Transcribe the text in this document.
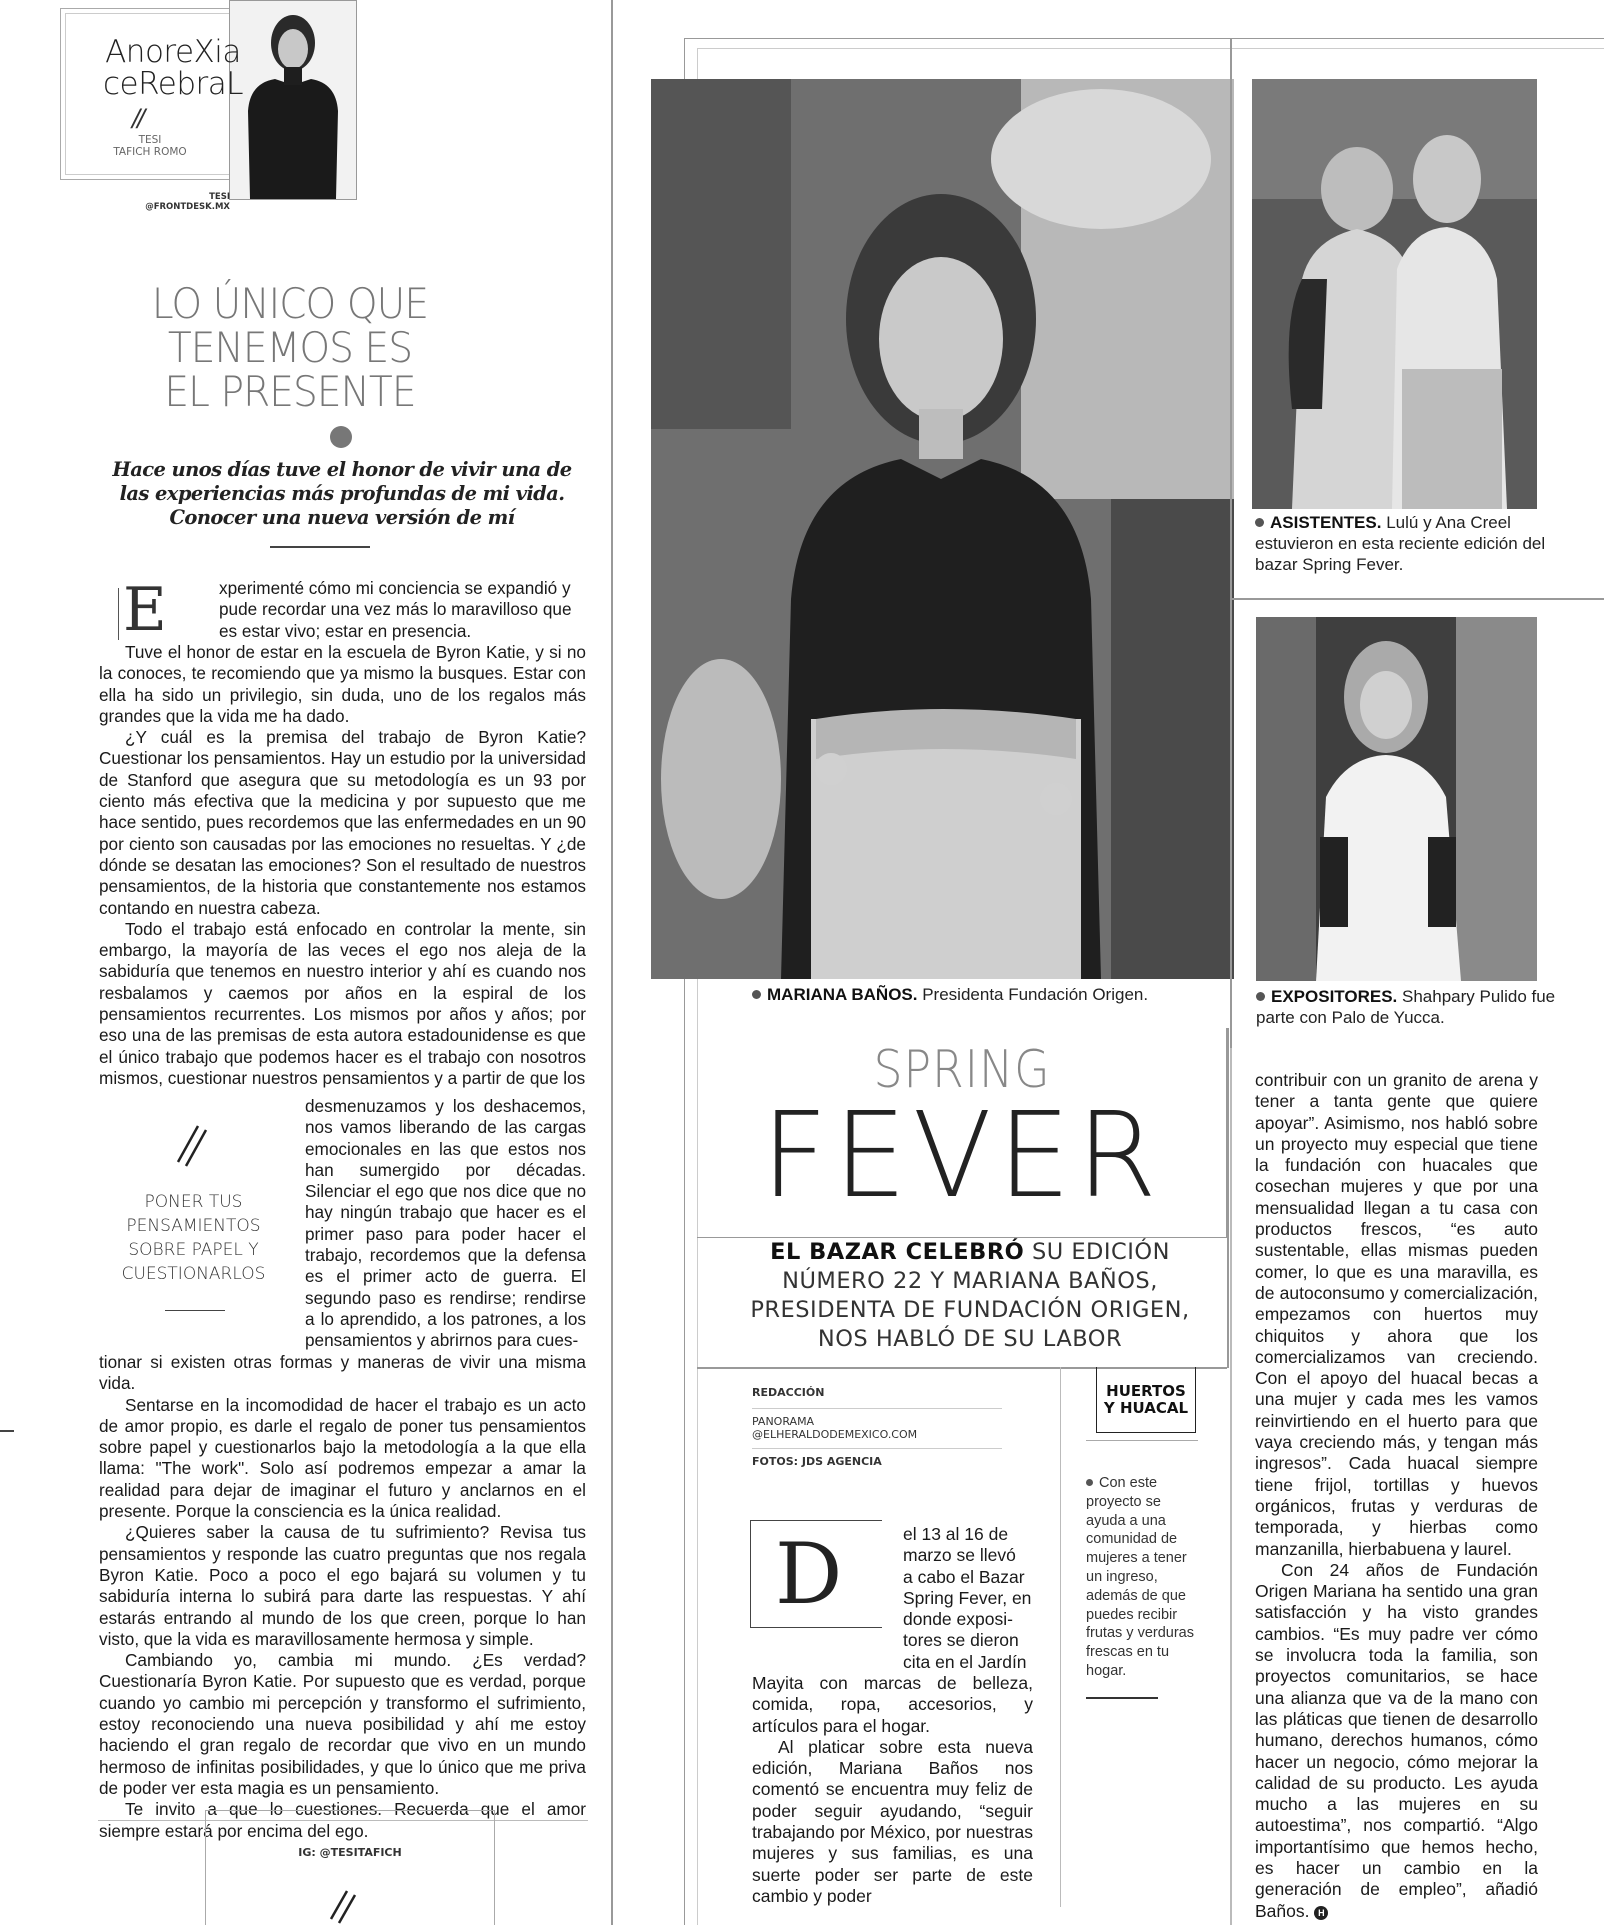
AnoreXia
ceRebraL
//
TESI
TAFICH ROMO
TESI
@FRONTDESK.MX
LO ÚNICO QUE
TENEMOS ES
EL PRESENTE
Hace unos días tuve el honor de vivir una de las experiencias más profundas de mi vida. Conocer una nueva versión de mí
E	xperimenté cómo mi conciencia se expandió y
pude recordar una vez más lo maravilloso que
es estar vivo; estar en presencia.

Tuve el honor de estar en la escuela de Byron Katie, y si no la conoces, te recomiendo que ya mismo la busques. Estar con ella ha sido un privilegio, sin duda, uno de los regalos más grandes que la vida me ha dado.

¿Y cuál es la premisa del trabajo de Byron Katie? Cuestionar los pensamientos. Hay un estudio por la universidad de Stanford que asegura que su metodología es un 93 por ciento más efectiva que la medicina y por supuesto que me hace sentido, pues recordemos que las enfermedades en un 90 por ciento son causadas por las emociones no resueltas. Y ¿de dónde se desatan las emociones? Son el resultado de nuestros pensamientos, de la historia que constantemente nos estamos contando en nuestra cabeza.

Todo el trabajo está enfocado en controlar la mente, sin embargo, la mayoría de las veces el ego nos aleja de la sabiduría que tenemos en nuestro interior y ahí es cuando nos resbalamos y caemos por años en la espiral de los pensamientos recurrentes. Los mismos por años y años; por eso una de las premisas de esta autora estadounidense es que el único trabajo que podemos hacer es el trabajo con nosotros mismos, cuestionar nuestros pensamientos y a partir de que los

PONER TUS PENSAMIENTOS SOBRE PAPEL Y CUESTIONARLOS
desmenuzamos y los deshacemos, nos vamos liberando de las cargas emocionales en las que estos nos han sumergido por décadas. Silenciar el ego que nos dice que no hay ningún trabajo que hacer es el primer paso para poder hacer el trabajo, recordemos que la defensa es el primer acto de guerra. El segundo paso es rendirse; rendirse a lo aprendido, a los patrones, a los pensamientos y abrirnos para cues-

tionar si existen otras formas y maneras de vivir una misma vida.

Sentarse en la incomodidad de hacer el trabajo es un acto de amor propio, es darle el regalo de poner tus pensamientos sobre papel y cuestionarlos bajo la metodología a la que ella llama: "The work". Solo así podremos empezar a amar la realidad para dejar de imaginar el futuro y anclarnos en el presente. Porque la consciencia es la única realidad.

¿Quieres saber la causa de tu sufrimiento? Revisa tus pensamientos y responde las cuatro preguntas que nos regala Byron Katie. Poco a poco el ego bajará su volumen y tu sabiduría interna lo subirá para darte las respuestas. Y ahí estarás entrando al mundo de los que creen, porque lo han visto, que la vida es maravillosamente hermosa y simple.

Cambiando yo, cambia mi mundo. ¿Es verdad? Cuestionaría Byron Katie. Por supuesto que es verdad, porque cuando yo cambio mi percepción y transformo el sufrimiento, estoy reconociendo una nueva posibilidad y ahí me estoy haciendo el gran regalo de recordar que vivo en un mundo hermoso de infinitas posibilidades, y que lo único que me priva de poder ver esta magia es un pensamiento.

Te invito a que lo cuestiones. Recuerda que el amor siempre estará por encima del ego.

IG: @TESITAFICH
MARIANA BAÑOS. Presidenta Fundación Origen.
ASISTENTES. Lulú y Ana Creel estuvieron en esta reciente edición del bazar Spring Fever.
EXPOSITORES. Shahpary Pulido fue parte con Palo de Yucca.
SPRING
FEVER
EL BAZAR CELEBRÓ SU EDICIÓN NÚMERO 22 Y MARIANA BAÑOS, PRESIDENTA DE FUNDACIÓN ORIGEN, NOS HABLÓ DE SU LABOR
REDACCIÓN
PANORAMA
@ELHERALDODEMEXICO.COM
FOTOS: JDS AGENCIA
D	el 13 al 16 de
marzo se llevó
a cabo el Bazar
Spring Fever, en
donde exposi-
tores se dieron
cita en el Jardín

Mayita con marcas de belleza, comida, ropa, accesorios, y artículos para el hogar.

Al platicar sobre esta nueva edición, Mariana Baños nos comentó se encuentra muy feliz de poder seguir ayudando, “seguir trabajando por México, por nuestras mujeres y sus familias, es una suerte poder ser parte de este cambio y poder

HUERTOS
Y HUACAL
Con este proyecto se ayuda a una comunidad de mujeres a tener un ingreso, además de que puedes recibir frutas y verduras frescas en tu hogar.

contribuir con un granito de arena y tener a tanta gente que quiere apoyar”. Asimismo, nos habló sobre un proyecto muy especial que tiene la fundación con huacales que cosechan mujeres y que por una mensualidad llegan a tu casa con productos frescos, “es auto sustentable, ellas mismas pueden comer, lo que es una maravilla, es de autoconsumo y comercialización, empezamos con huertos muy chiquitos y ahora que los comercializamos van creciendo. Con el apoyo del huacal becas a una mujer y cada mes les vamos reinvirtiendo en el huerto para que vaya creciendo más, y tengan más ingresos”. Cada huacal siempre tiene frijol, tortillas y huevos orgánicos, frutas y verduras de temporada, y hierbas como manzanilla, hierbabuena y laurel.

Con 24 años de Fundación Origen Mariana ha sentido una gran satisfacción y ha visto grandes cambios. “Es muy padre ver cómo se involucra toda la familia, son proyectos comunitarios, se hace una alianza que va de la mano con las pláticas que tienen de desarrollo humano, derechos humanos, cómo hacer un negocio, cómo mejorar la calidad de su producto. Les ayuda mucho a las mujeres en su autoestima”, nos compartió. “Algo importantísimo que hemos hecho, es hacer un cambio en la generación de empleo”, añadió Baños. H
